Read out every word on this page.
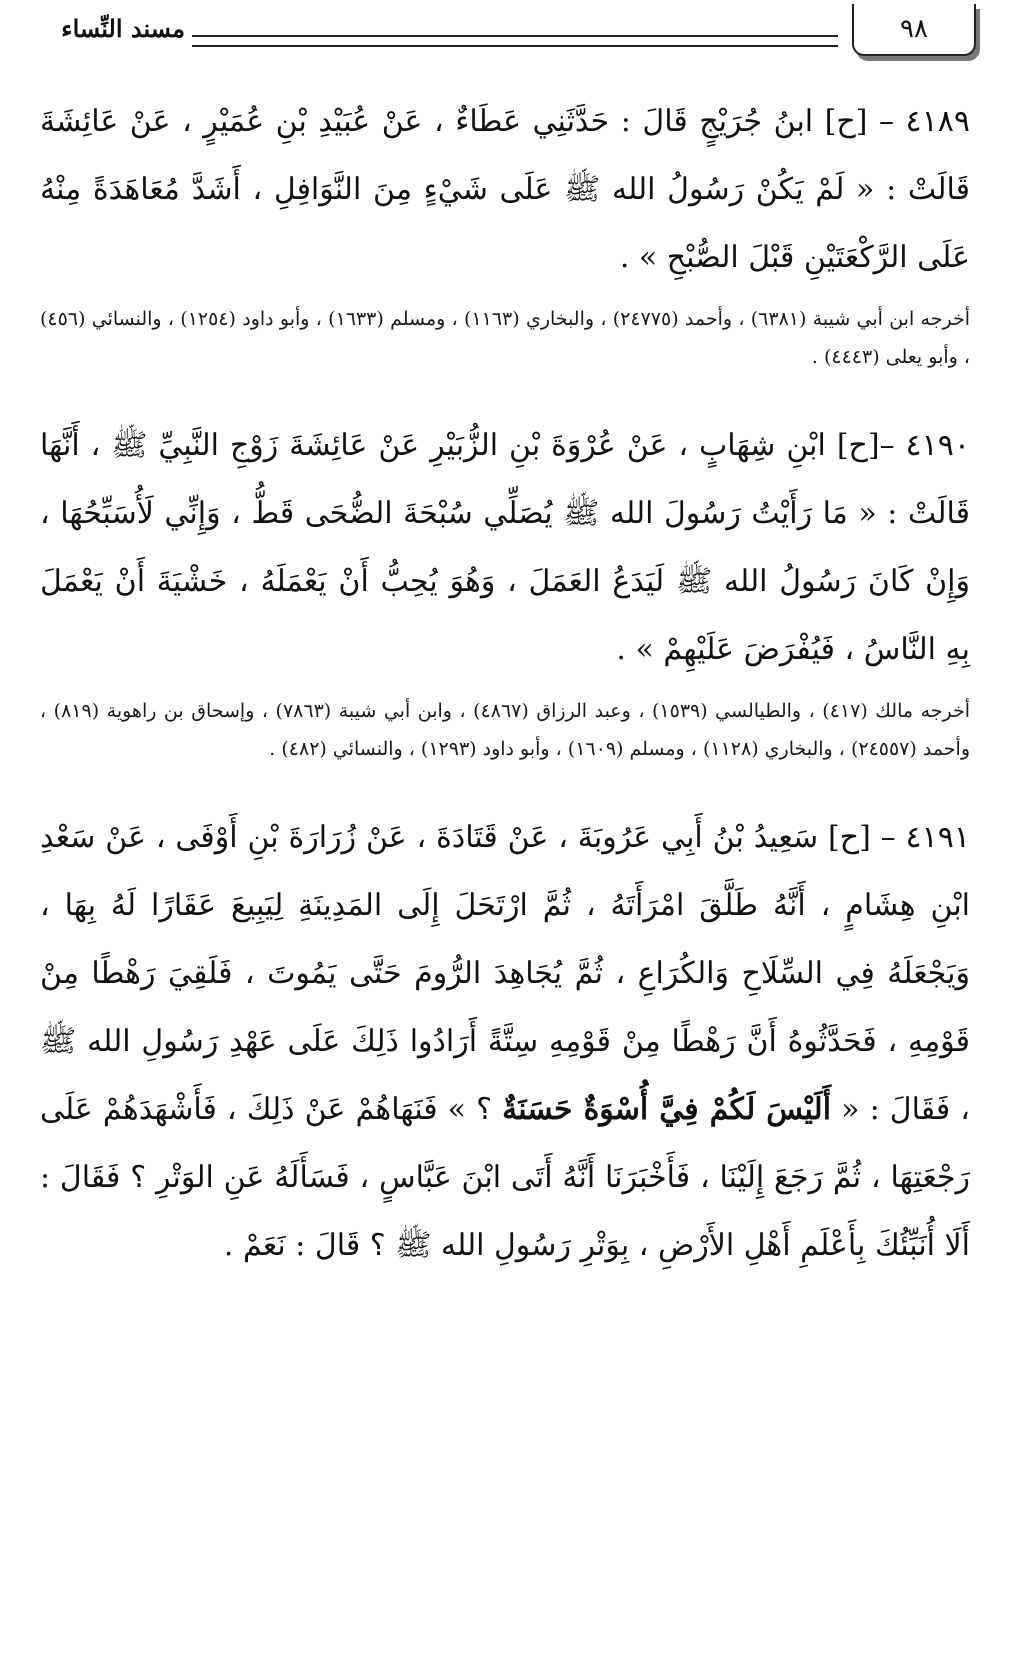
٩٨
مسند النِّساء

٤١٨٩ – [ح] ابنُ جُرَيْجٍ قَالَ : حَدَّثَنِي عَطَاءٌ ، عَنْ عُبَيْدِ بْنِ عُمَيْرٍ ، عَنْ عَائِشَةَ قَالَتْ : « لَمْ يَكُنْ رَسُولُ الله ﷺ عَلَى شَيْءٍ مِنَ النَّوَافِلِ ، أَشَدَّ مُعَاهَدَةً مِنْهُ عَلَى الرَّكْعَتَيْنِ قَبْلَ الصُّبْحِ » .

أخرجه ابن أبي شيبة (٦٣٨١) ، وأحمد (٢٤٧٧٥) ، والبخاري (١١٦٣) ، ومسلم (١٦٣٣) ، وأبو داود (١٢٥٤) ، والنسائي (٤٥٦) ، وأبو يعلى (٤٤٤٣) .

٤١٩٠ –[ح] ابْنِ شِهَابٍ ، عَنْ عُرْوَةَ بْنِ الزُّبَيْرِ عَنْ عَائِشَةَ زَوْجِ النَّبِيِّ ﷺ ، أَنَّهَا قَالَتْ : « مَا رَأَيْتُ رَسُولَ الله ﷺ يُصَلِّي سُبْحَةَ الضُّحَى قَطُّ ، وَإِنِّي لَأُسَبِّحُهَا ، وَإِنْ كَانَ رَسُولُ الله ﷺ لَيَدَعُ العَمَلَ ، وَهُوَ يُحِبُّ أَنْ يَعْمَلَهُ ، خَشْيَةَ أَنْ يَعْمَلَ بِهِ النَّاسُ ، فَيُفْرَضَ عَلَيْهِمْ » .

أخرجه مالك (٤١٧) ، والطيالسي (١٥٣٩) ، وعبد الرزاق (٤٨٦٧) ، وابن أبي شيبة (٧٨٦٣) ، وإسحاق بن راهوية (٨١٩) ، وأحمد (٢٤٥٥٧) ، والبخاري (١١٢٨) ، ومسلم (١٦٠٩) ، وأبو داود (١٢٩٣) ، والنسائي (٤٨٢) .

٤١٩١ – [ح] سَعِيدُ بْنُ أَبِي عَرُوبَةَ ، عَنْ قَتَادَةَ ، عَنْ زُرَارَةَ بْنِ أَوْفَى ، عَنْ سَعْدِ ابْنِ هِشَامٍ ، أَنَّهُ طَلَّقَ امْرَأَتَهُ ، ثُمَّ ارْتَحَلَ إِلَى المَدِينَةِ لِيَبِيعَ عَقَارًا لَهُ بِهَا ، وَيَجْعَلَهُ فِي السِّلَاحِ وَالكُرَاعِ ، ثُمَّ يُجَاهِدَ الرُّومَ حَتَّى يَمُوتَ ، فَلَقِيَ رَهْطًا مِنْ قَوْمِهِ ، فَحَدَّثُوهُ أَنَّ رَهْطًا مِنْ قَوْمِهِ سِتَّةً أَرَادُوا ذَلِكَ عَلَى عَهْدِ رَسُولِ الله ﷺ ، فَقَالَ : « أَلَيْسَ لَكُمْ فِيَّ أُسْوَةٌ حَسَنَةٌ ؟ » فَنَهَاهُمْ عَنْ ذَلِكَ ، فَأَشْهَدَهُمْ عَلَى رَجْعَتِهَا ، ثُمَّ رَجَعَ إِلَيْنَا ، فَأَخْبَرَنَا أَنَّهُ أَتَى ابْنَ عَبَّاسٍ ، فَسَأَلَهُ عَنِ الوَتْرِ ؟ فَقَالَ : أَلَا أُنَبِّئُكَ بِأَعْلَمِ أَهْلِ الأَرْضِ ، بِوَتْرِ رَسُولِ الله ﷺ ؟ قَالَ : نَعَمْ .
